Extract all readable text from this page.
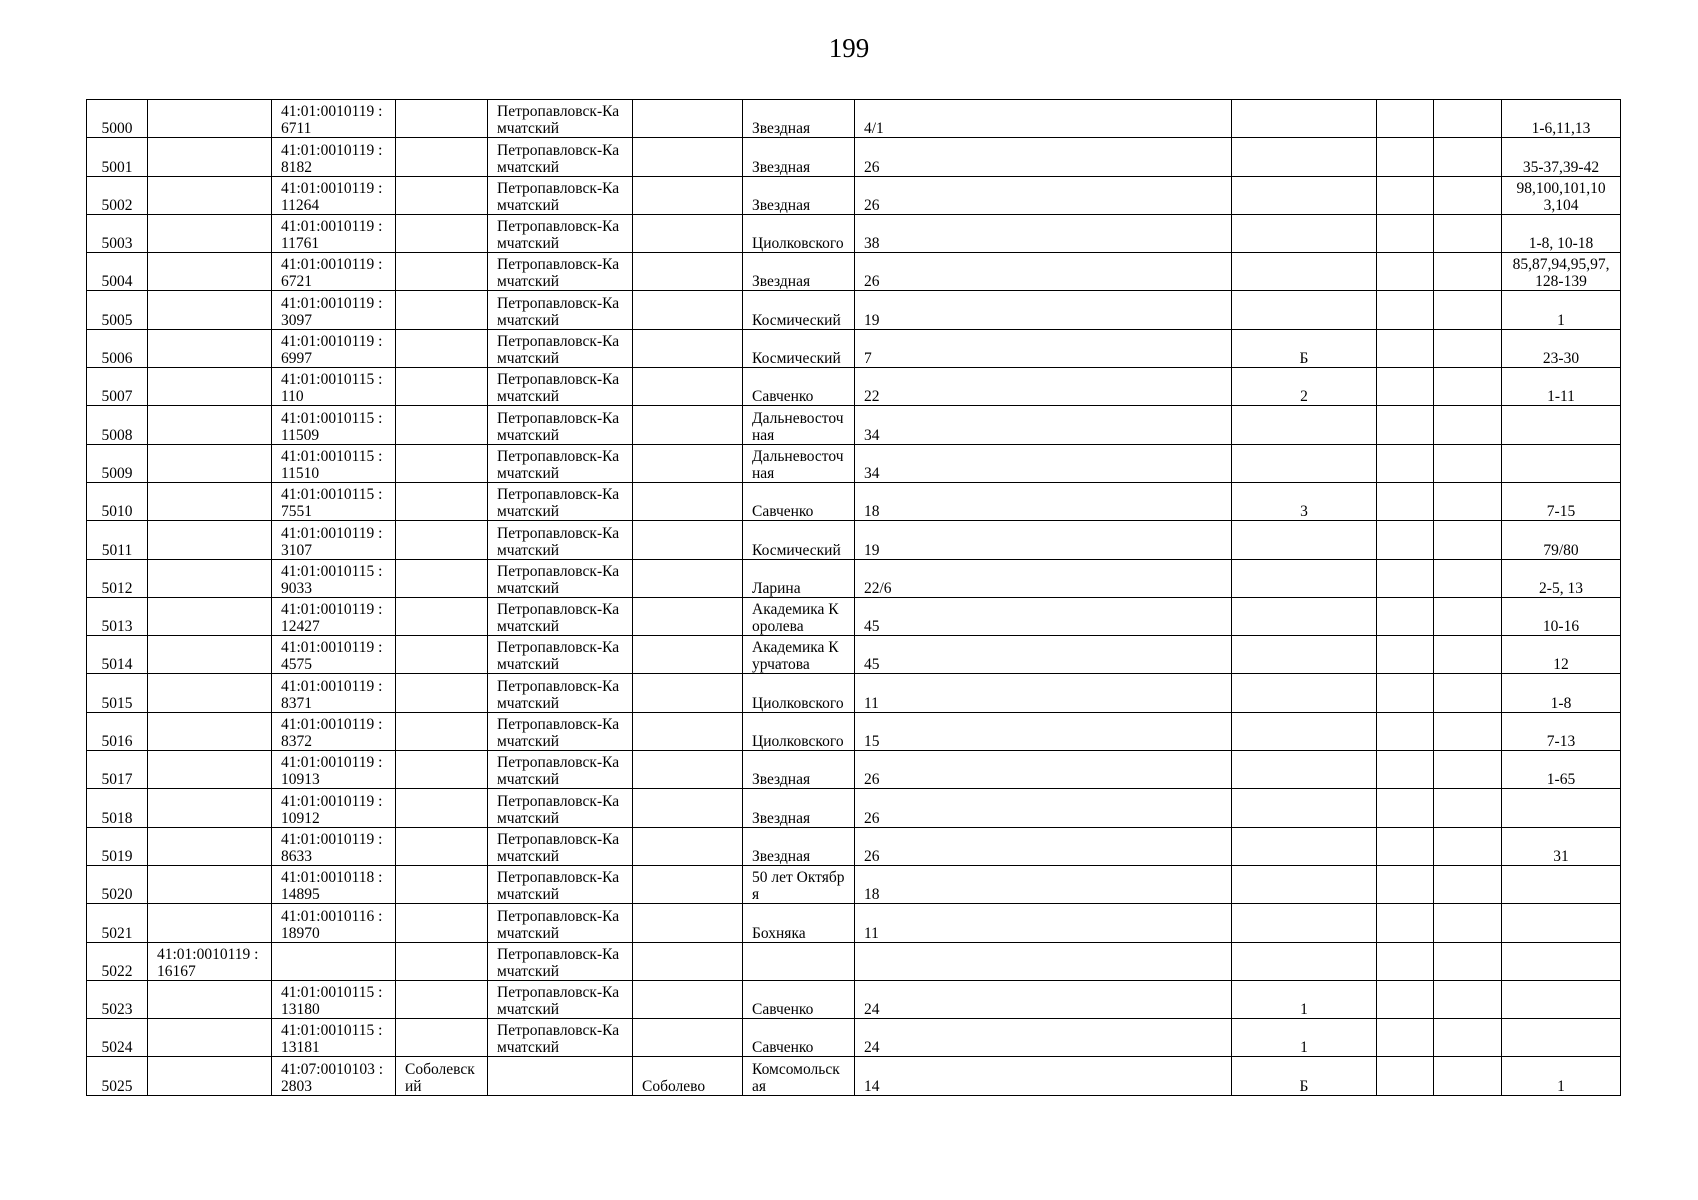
199
5000		41:01:0010119 :6711		Петропавловск-Камчатский		Звездная	4/1				1-6,11,13
5001		41:01:0010119 :8182		Петропавловск-Камчатский		Звездная	26				35-37,39-42
5002		41:01:0010119 :11264		Петропавловск-Камчатский		Звездная	26				98,100,101,103,104
5003		41:01:0010119 :11761		Петропавловск-Камчатский		Циолковского	38				1-8, 10-18
5004		41:01:0010119 :6721		Петропавловск-Камчатский		Звездная	26				85,87,94,95,97, 128-139
5005		41:01:0010119 :3097		Петропавловск-Камчатский		Космический	19				1
5006		41:01:0010119 :6997		Петропавловск-Камчатский		Космический	7	Б			23-30
5007		41:01:0010115 :110		Петропавловск-Камчатский		Савченко	22	2			1-11
5008		41:01:0010115 :11509		Петропавловск-Камчатский		Дальневосточная	34				
5009		41:01:0010115 :11510		Петропавловск-Камчатский		Дальневосточная	34				
5010		41:01:0010115 :7551		Петропавловск-Камчатский		Савченко	18	3			7-15
5011		41:01:0010119 :3107		Петропавловск-Камчатский		Космический	19				79/80
5012		41:01:0010115 :9033		Петропавловск-Камчатский		Ларина	22/6				2-5, 13
5013		41:01:0010119 :12427		Петропавловск-Камчатский		Академика Королева	45				10-16
5014		41:01:0010119 :4575		Петропавловск-Камчатский		Академика Курчатова	45				12
5015		41:01:0010119 :8371		Петропавловск-Камчатский		Циолковского	11				1-8
5016		41:01:0010119 :8372		Петропавловск-Камчатский		Циолковского	15				7-13
5017		41:01:0010119 :10913		Петропавловск-Камчатский		Звездная	26				1-65
5018		41:01:0010119 :10912		Петропавловск-Камчатский		Звездная	26				
5019		41:01:0010119 :8633		Петропавловск-Камчатский		Звездная	26				31
5020		41:01:0010118 :14895		Петропавловск-Камчатский		50 лет Октября	18				
5021		41:01:0010116 :18970		Петропавловск-Камчатский		Бохняка	11				
5022	41:01:0010119 :16167			Петропавловск-Камчатский							
5023		41:01:0010115 :13180		Петропавловск-Камчатский		Савченко	24	1			
5024		41:01:0010115 :13181		Петропавловск-Камчатский		Савченко	24	1			
5025		41:07:0010103 :2803	Соболевский		Соболево	Комсомольская	14	Б			1
